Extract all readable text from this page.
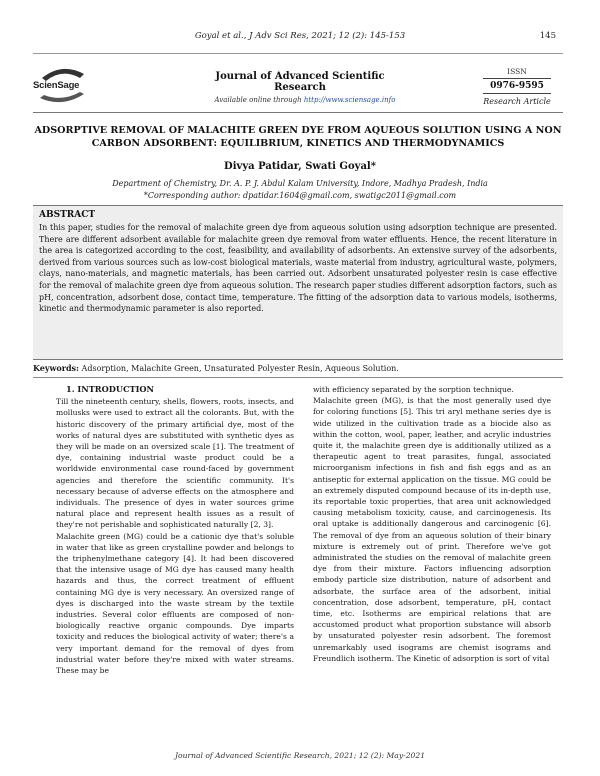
Goyal et al., J Adv Sci Res, 2021; 12 (2): 145-153	145
ScienSage
Journal of Advanced Scientific Research
Available online through http://www.sciensage.info
ISSN
0976-9595
Research Article
ADSORPTIVE REMOVAL OF MALACHITE GREEN DYE FROM AQUEOUS SOLUTION USING A NON CARBON ADSORBENT: EQUILIBRIUM, KINETICS AND THERMODYNAMICS
Divya Patidar, Swati Goyal*
Department of Chemistry, Dr. A. P. J. Abdul Kalam University, Indore, Madhya Pradesh, India
*Corresponding author: dpatidar.1604@gmail.com, swatigc2011@gmail.com
ABSTRACT
In this paper, studies for the removal of malachite green dye from aqueous solution using adsorption technique are presented. There are different adsorbent available for malachite green dye removal from water effluents. Hence, the recent literature in the area is categorized according to the cost, feasibility, and availability of adsorbents. An extensive survey of the adsorbents, derived from various sources such as low-cost biological materials, waste material from industry, agricultural waste, polymers, clays, nano-materials, and magnetic materials, has been carried out. Adsorbent unsaturated polyester resin is case effective for the removal of malachite green dye from aqueous solution. The research paper studies different adsorption factors, such as pH, concentration, adsorbent dose, contact time, temperature. The fitting of the adsorption data to various models, isotherms, kinetic and thermodynamic parameter is also reported.
Keywords: Adsorption, Malachite Green, Unsaturated Polyester Resin, Aqueous Solution.
1. INTRODUCTION
Till the nineteenth century, shells, flowers, roots, insects, and mollusks were used to extract all the colorants. But, with the historic discovery of the primary artificial dye, most of the works of natural dyes are substituted with synthetic dyes as they will be made on an oversized scale [1]. The treatment of dye, containing industrial waste product could be a worldwide environmental case round-faced by government agencies and therefore the scientific community. It's necessary because of adverse effects on the atmosphere and individuals. The presence of dyes in water sources grime natural place and represent health issues as a result of they're not perishable and sophisticated naturally [2, 3].
Malachite green (MG) could be a cationic dye that's soluble in water that like as green crystalline powder and belongs to the triphenylmethane category [4]. It had been discovered that the intensive usage of MG dye has caused many health hazards and thus, the correct treatment of effluent containing MG dye is very necessary. An oversized range of dyes is discharged into the waste stream by the textile industries. Several color effluents are composed of non-biologically reactive organic compounds. Dye imparts toxicity and reduces the biological activity of water; there's a very important demand for the removal of dyes from industrial water before they're mixed with water streams. These may be
with efficiency separated by the sorption technique.
Malachite green (MG), is that the most generally used dye for coloring functions [5]. This tri aryl methane series dye is wide utilized in the cultivation trade as a biocide also as within the cotton, wool, paper, leather, and acrylic industries quite it, the malachite green dye is additionally utilized as a therapeutic agent to treat parasites, fungal, associated microorganism infections in fish and fish eggs and as an antiseptic for external application on the tissue. MG could be an extremely disputed compound because of its in-depth use, its reportable toxic properties, that area unit acknowledged causing metabolism toxicity, cause, and carcinogenesis. Its oral uptake is additionally dangerous and carcinogenic [6]. The removal of dye from an aqueous solution of their binary mixture is extremely out of print. Therefore we've got administrated the studies on the removal of malachite green dye from their mixture. Factors influencing adsorption embody particle size distribution, nature of adsorbent and adsorbate, the surface area of the adsorbent, initial concentration, dose adsorbent, temperature, pH, contact time, etc. Isotherms are empirical relations that are accustomed product what proportion substance will absorb by unsaturated polyester resin adsorbent. The foremost unremarkably used isograms are chemist isograms and Freundlich isotherm. The Kinetic of adsorption is sort of vital
Journal of Advanced Scientific Research, 2021; 12 (2): May-2021
